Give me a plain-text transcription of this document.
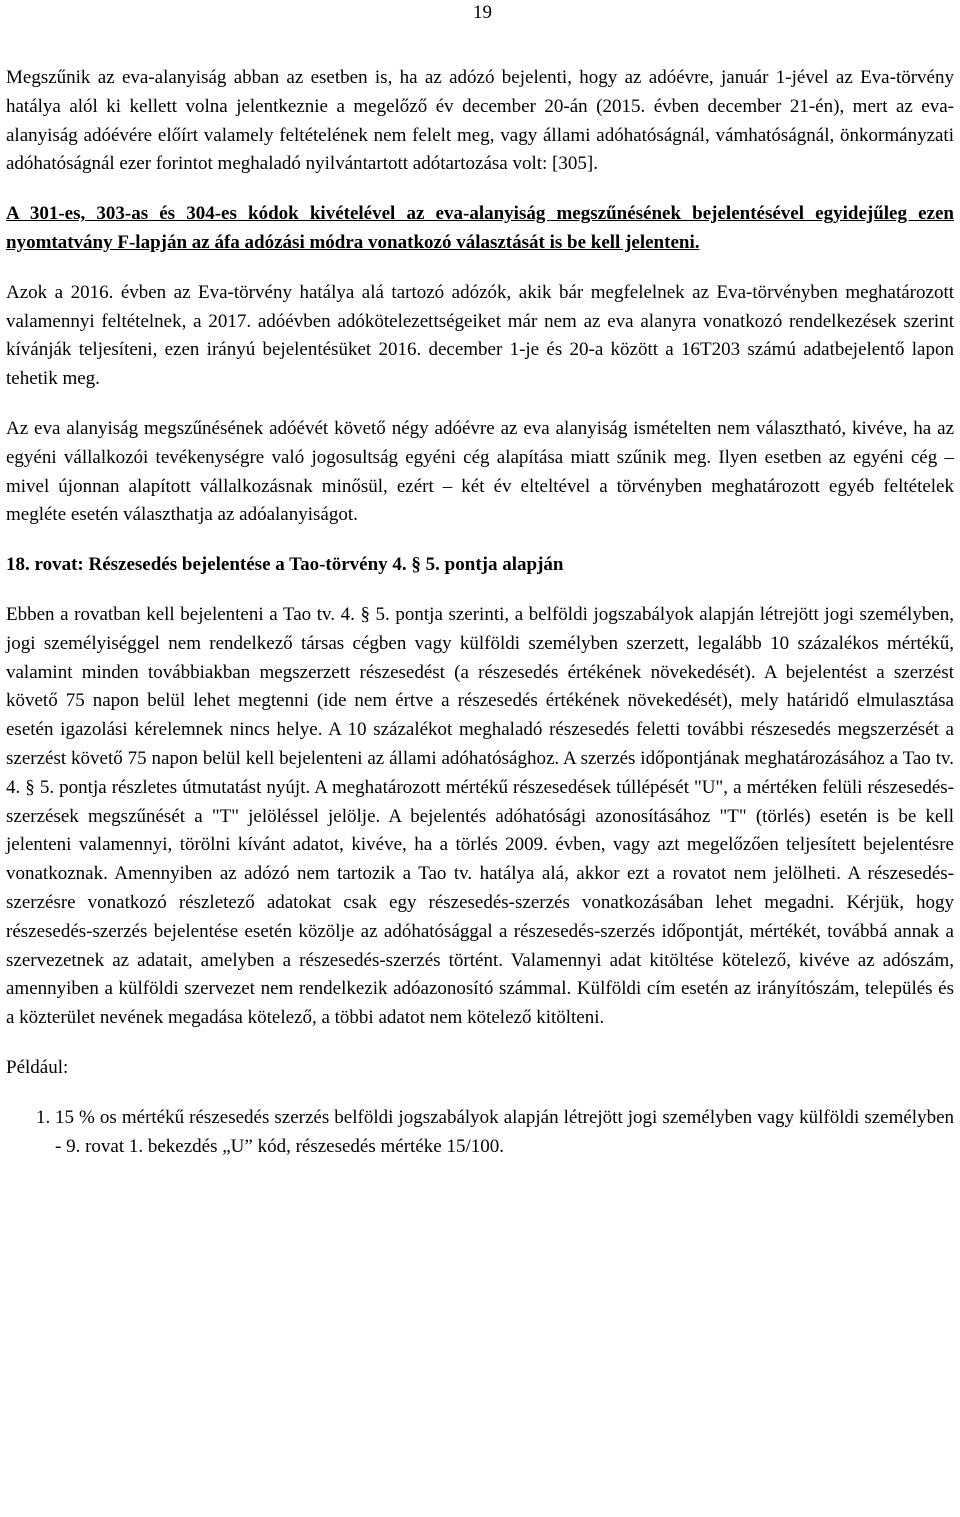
19

Megszűnik az eva-alanyiság abban az esetben is, ha az adózó bejelenti, hogy az adóévre, január 1-jével az Eva-törvény hatálya alól ki kellett volna jelentkeznie a megelőző év december 20-án (2015. évben december 21-én), mert az eva-alanyiság adóévére előírt valamely feltételének nem felelt meg, vagy állami adóhatóságnál, vámhatóságnál, önkormányzati adóhatóságnál ezer forintot meghaladó nyilvántartott adótartozása volt: [305].

A 301-es, 303-as és 304-es kódok kivételével az eva-alanyiság megszűnésének bejelentésével egyidejűleg ezen nyomtatvány F-lapján az áfa adózási módra vonatkozó választását is be kell jelenteni.

Azok a 2016. évben az Eva-törvény hatálya alá tartozó adózók, akik bár megfelelnek az Eva-törvényben meghatározott valamennyi feltételnek, a 2017. adóévben adókötelezettségeiket már nem az eva alanyra vonatkozó rendelkezések szerint kívánják teljesíteni, ezen irányú bejelentésüket 2016. december 1-je és 20-a között a 16T203 számú adatbejelentő lapon tehetik meg.

Az eva alanyiság megszűnésének adóévét követő négy adóévre az eva alanyiság ismételten nem választható, kivéve, ha az egyéni vállalkozói tevékenységre való jogosultság egyéni cég alapítása miatt szűnik meg. Ilyen esetben az egyéni cég – mivel újonnan alapított vállalkozásnak minősül, ezért – két év elteltével a törvényben meghatározott egyéb feltételek megléte esetén választhatja az adóalanyiságot.

18. rovat: Részesedés bejelentése a Tao-törvény 4. § 5. pontja alapján

Ebben a rovatban kell bejelenteni a Tao tv. 4. § 5. pontja szerinti, a belföldi jogszabályok alapján létrejött jogi személyben, jogi személyiséggel nem rendelkező társas cégben vagy külföldi személyben szerzett, legalább 10 százalékos mértékű, valamint minden továbbiakban megszerzett részesedést (a részesedés értékének növekedését). A bejelentést a szerzést követő 75 napon belül lehet megtenni (ide nem értve a részesedés értékének növekedését), mely határidő elmulasztása esetén igazolási kérelemnek nincs helye. A 10 százalékot meghaladó részesedés feletti további részesedés megszerzését a szerzést követő 75 napon belül kell bejelenteni az állami adóhatósághoz. A szerzés időpontjának meghatározásához a Tao tv. 4. § 5. pontja részletes útmutatást nyújt. A meghatározott mértékű részesedések túllépését "U", a mértéken felüli részesedés-szerzések megszűnését a "T" jelöléssel jelölje. A bejelentés adóhatósági azonosításához "T" (törlés) esetén is be kell jelenteni valamennyi, törölni kívánt adatot, kivéve, ha a törlés 2009. évben, vagy azt megelőzően teljesített bejelentésre vonatkoznak. Amennyiben az adózó nem tartozik a Tao tv. hatálya alá, akkor ezt a rovatot nem jelölheti. A részesedés-szerzésre vonatkozó részletező adatokat csak egy részesedés-szerzés vonatkozásában lehet megadni. Kérjük, hogy részesedés-szerzés bejelentése esetén közölje az adóhatósággal a részesedés-szerzés időpontját, mértékét, továbbá annak a szervezetnek az adatait, amelyben a részesedés-szerzés történt. Valamennyi adat kitöltése kötelező, kivéve az adószám, amennyiben a külföldi szervezet nem rendelkezik adóazonosító számmal. Külföldi cím esetén az irányítószám, település és a közterület nevének megadása kötelező, a többi adatot nem kötelező kitölteni.

Például:

1. 15 % os mértékű részesedés szerzés belföldi jogszabályok alapján létrejött jogi személyben vagy külföldi személyben - 9. rovat 1. bekezdés „U” kód, részesedés mértéke 15/100.
